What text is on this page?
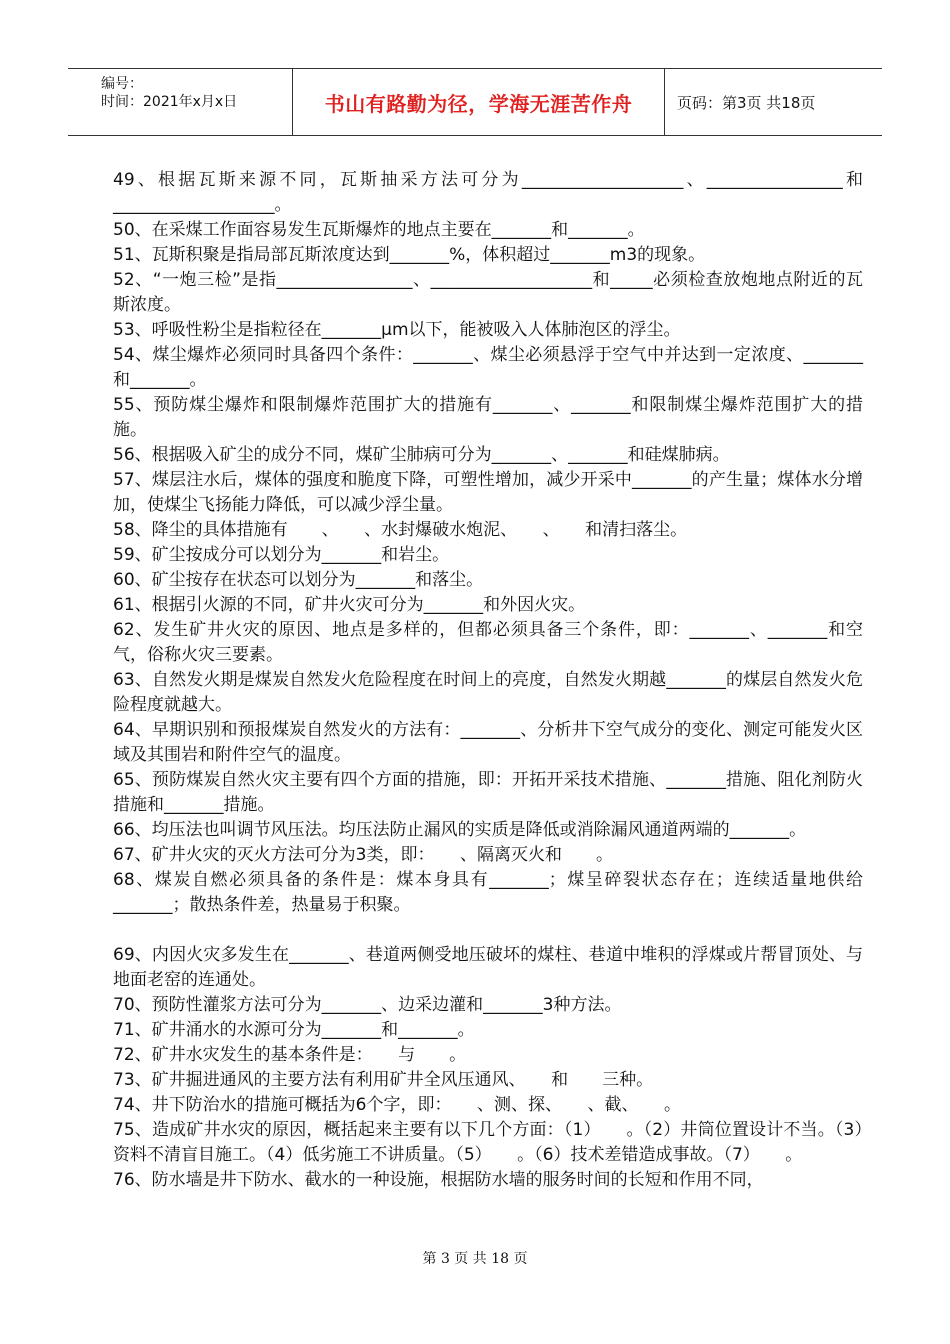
编号：
时间：2021年x月x日	书山有路勤为径，学海无涯苦作舟	页码：第3页 共18页
49、根据瓦斯来源不同，瓦斯抽采方法可分为___________________、________________和___________________。
50、在采煤工作面容易发生瓦斯爆炸的地点主要在_______和_______。
51、瓦斯积聚是指局部瓦斯浓度达到_______%，体积超过_______m3的现象。
52、“一炮三检”是指________________、___________________和_____必须检查放炮地点附近的瓦斯浓度。
53、呼吸性粉尘是指粒径在_______μm以下，能被吸入人体肺泡区的浮尘。
54、煤尘爆炸必须同时具备四个条件：_______、煤尘必须悬浮于空气中并达到一定浓度、_______和_______。
55、预防煤尘爆炸和限制爆炸范围扩大的措施有_______、_______和限制煤尘爆炸范围扩大的措施。
56、根据吸入矿尘的成分不同，煤矿尘肺病可分为_______、_______和硅煤肺病。
57、煤层注水后，煤体的强度和脆度下降，可塑性增加，减少开采中_______的产生量；煤体水分增加，使煤尘飞扬能力降低，可以减少浮尘量。
58、降尘的具体措施有　　、　　、水封爆破水炮泥、　　、　　和清扫落尘。
59、矿尘按成分可以划分为_______和岩尘。
60、矿尘按存在状态可以划分为_______和落尘。
61、根据引火源的不同，矿井火灾可分为_______和外因火灾。
62、发生矿井火灾的原因、地点是多样的，但都必须具备三个条件，即：_______、_______和空气，俗称火灾三要素。
63、自然发火期是煤炭自然发火危险程度在时间上的亮度，自然发火期越_______的煤层自然发火危险程度就越大。
64、早期识别和预报煤炭自然发火的方法有：_______、分析井下空气成分的变化、测定可能发火区域及其围岩和附件空气的温度。
65、预防煤炭自然火灾主要有四个方面的措施，即：开拓开采技术措施、_______措施、阻化剂防火措施和_______措施。
66、均压法也叫调节风压法。均压法防止漏风的实质是降低或消除漏风通道两端的_______。
67、矿井火灾的灭火方法可分为3类，即：　　、隔离灭火和　　。
68、煤炭自燃必须具备的条件是：煤本身具有_______；煤呈碎裂状态存在；连续适量地供给_______；散热条件差，热量易于积聚。
69、内因火灾多发生在_______、巷道两侧受地压破坏的煤柱、巷道中堆积的浮煤或片帮冒顶处、与地面老窑的连通处。
70、预防性灌浆方法可分为_______、边采边灌和_______3种方法。
71、矿井涌水的水源可分为_______和_______。
72、矿井水灾发生的基本条件是：　　与　　。
73、矿井掘进通风的主要方法有利用矿井全风压通风、　　和　　三种。
74、井下防治水的措施可概括为6个字，即：　　、测、探、　　、截、　　。
75、造成矿井水灾的原因，概括起来主要有以下几个方面：（1）　　。（2）井筒位置设计不当。（3）资料不清盲目施工。（4）低劣施工不讲质量。（5）　　。（6）技术差错造成事故。（7）　　。
76、防水墙是井下防水、截水的一种设施，根据防水墙的服务时间的长短和作用不同，
第 3 页 共 18 页
